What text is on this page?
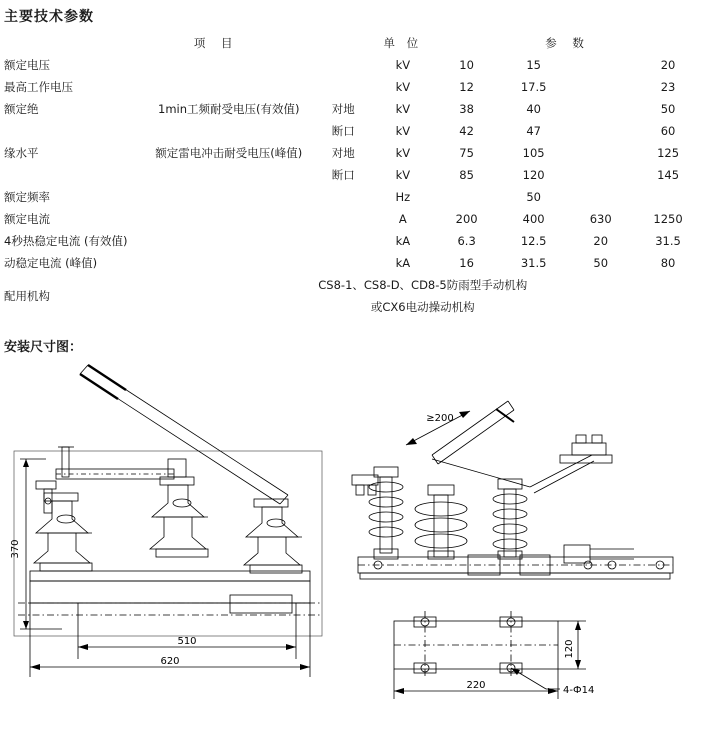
主要技术参数
项 目			单 位	参 数			
额定电压			kV	10	15		20
最高工作电压			kV	12	17.5		23
额定绝	1min工频耐受电压(有效值)	对地	kV	38	40		50
		断口	kV	42	47		60
缘水平	额定雷电冲击耐受电压(峰值)	对地	kV	75	105		125
		断口	kV	85	120		145
额定频率			Hz		50		
额定电流			A	200	400	630	1250
4秒热稳定电流 (有效值)			kA	6.3	12.5	20	31.5
动稳定电流 (峰值)			kA	16	31.5	50	80
配用机构	CS8-1、CS8-D、CD8-5防雨型手动机构						
	或CX6电动操动机构						
安装尺寸图：
370
510
620
≥200
220
120
4-Ф14
